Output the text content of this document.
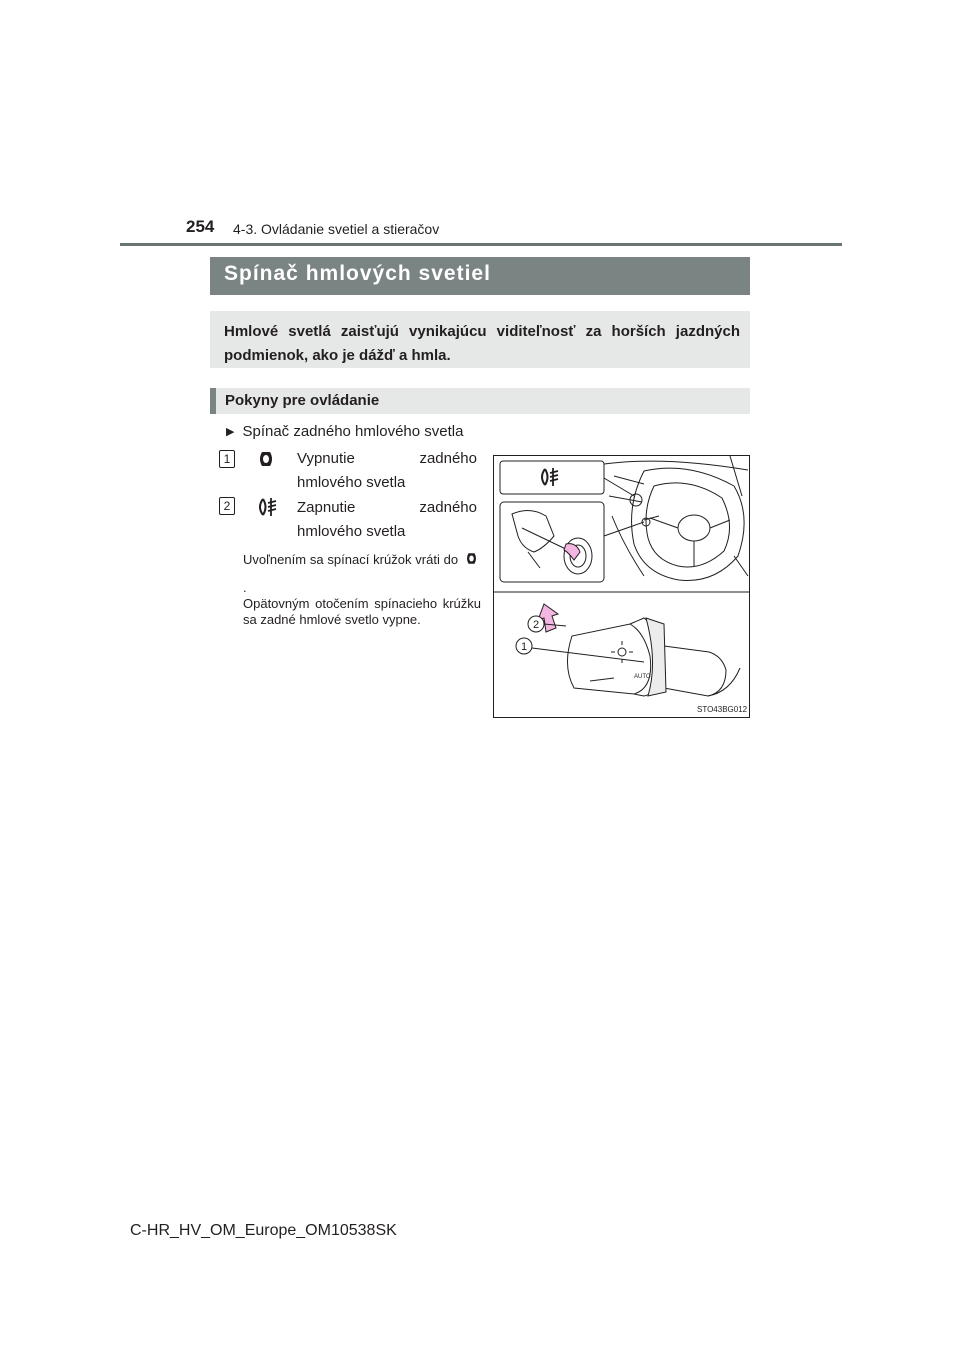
254 4-3. Ovládanie svetiel a stieračov
Spínač hmlových svetiel
Hmlové svetlá zaisťujú vynikajúcu viditeľnosť za horších jazdných podmienok, ako je dážď a hmla.
Pokyny pre ovládanie
▶ Spínač zadného hmlového svetla
1	Vypnutie zadného hmlového svetla
2	Zapnutie zadného hmlového svetla
Uvoľnením sa spínací krúžok vráti do .
Opätovným otočením spínacieho krúžku sa zadné hmlové svetlo vypne.
AUTO
2
1
STO43BG012
C-HR_HV_OM_Europe_OM10538SK
